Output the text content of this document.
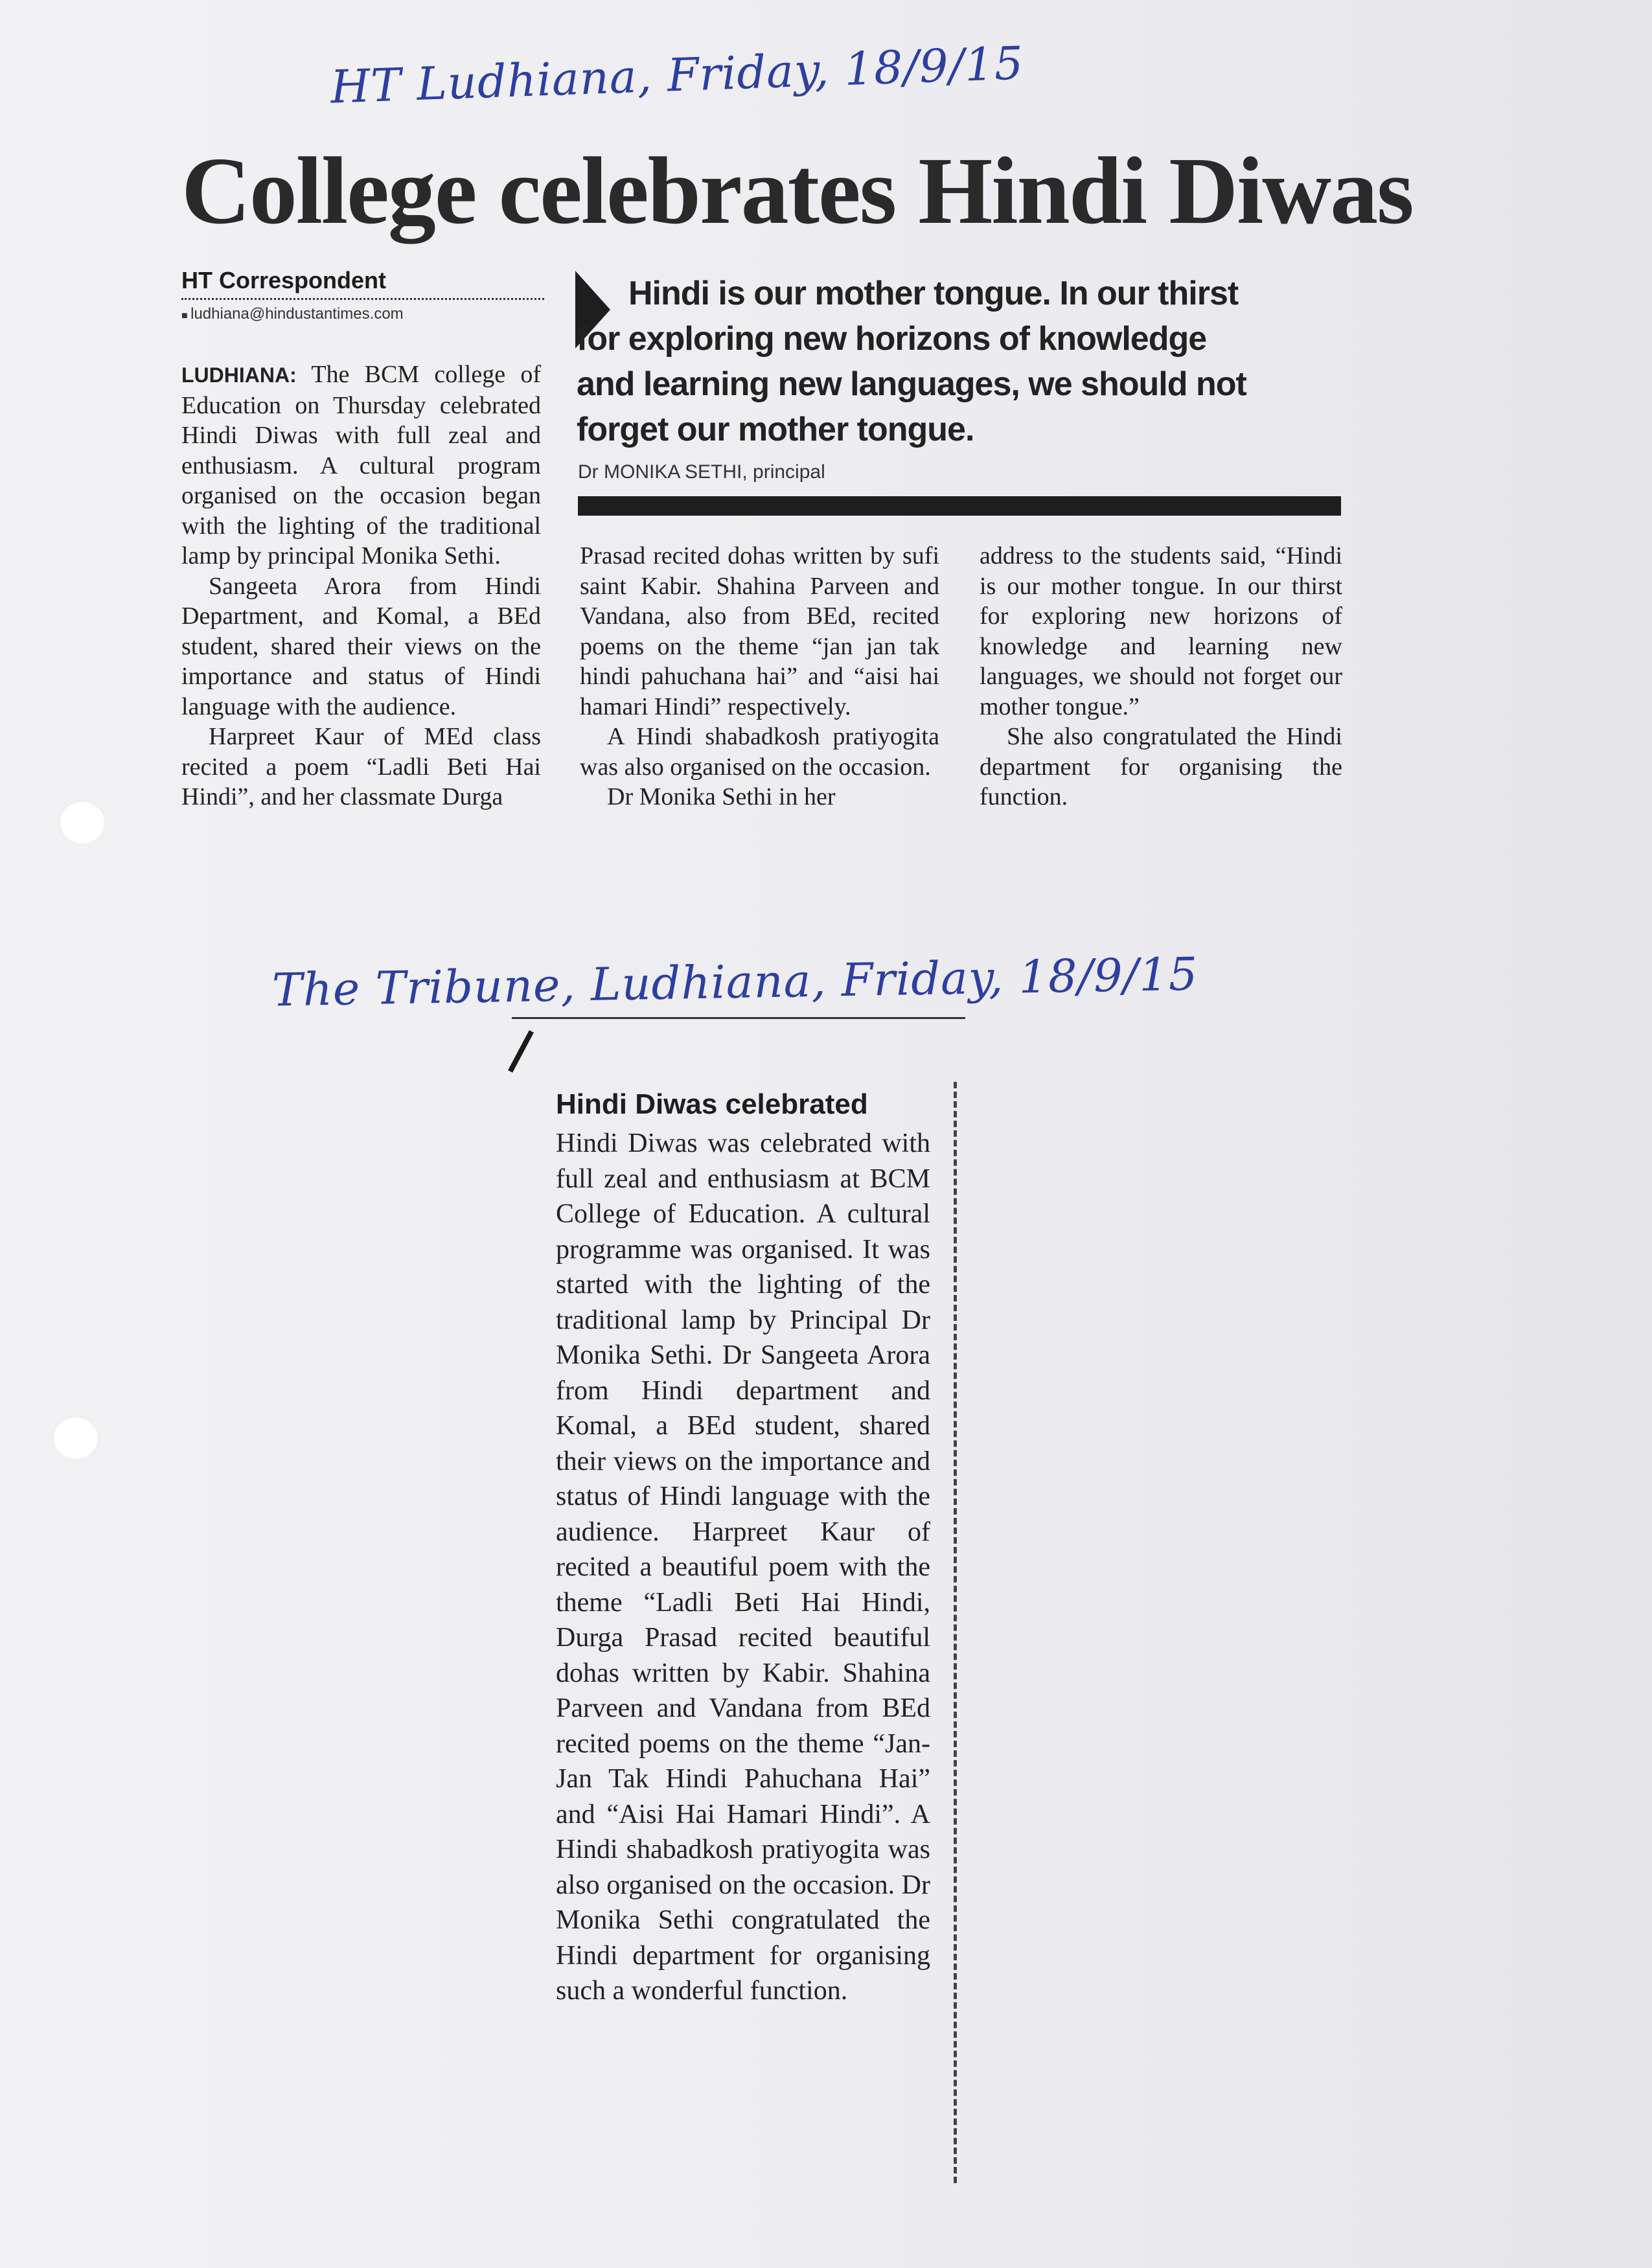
HT Ludhiana, Friday, 18/9/15
College celebrates Hindi Diwas
HT Correspondent
■ ludhiana@hindustantimes.com

LUDHIANA: The BCM college of Education on Thursday celebrated Hindi Diwas with full zeal and enthusiasm. A cultural program organised on the occasion began with the lighting of the traditional lamp by principal Monika Sethi.

Sangeeta Arora from Hindi Department, and Komal, a BEd student, shared their views on the importance and status of Hindi language with the audience.

Harpreet Kaur of MEd class recited a poem “Ladli Beti Hai Hindi”, and her classmate Durga

Hindi is our mother tongue. In our thirst for exploring new horizons of knowledge and learning new languages, we should not forget our mother tongue.
Dr MONIKA SETHI, principal

Prasad recited dohas written by sufi saint Kabir. Shahina Parveen and Vandana, also from BEd, recited poems on the theme “jan jan tak hindi pahuchana hai” and “aisi hai hamari Hindi” respectively.

A Hindi shabadkosh pratiyogita was also organised on the occasion.

Dr Monika Sethi in her

address to the students said, “Hindi is our mother tongue. In our thirst for exploring new horizons of knowledge and learning new languages, we should not forget our mother tongue.”

She also congratulated the Hindi department for organising the function.

The Tribune, Ludhiana, Friday, 18/9/15
Hindi Diwas celebrated
Hindi Diwas was celebrated with full zeal and enthusiasm at BCM College of Education. A cultural programme was organised. It was started with the lighting of the traditional lamp by Principal Dr Monika Sethi. Dr Sangeeta Arora from Hindi department and Komal, a BEd student, shared their views on the importance and status of Hindi language with the audience. Harpreet Kaur of recited a beautiful poem with the theme “Ladli Beti Hai Hindi, Durga Prasad recited beautiful dohas written by Kabir. Shahina Parveen and Vandana from BEd recited poems on the theme “Jan-Jan Tak Hindi Pahuchana Hai” and “Aisi Hai Hamari Hindi”. A Hindi shabadkosh pratiyogita was also organised on the occasion. Dr Monika Sethi congratulated the Hindi department for organising such a wonderful function.
